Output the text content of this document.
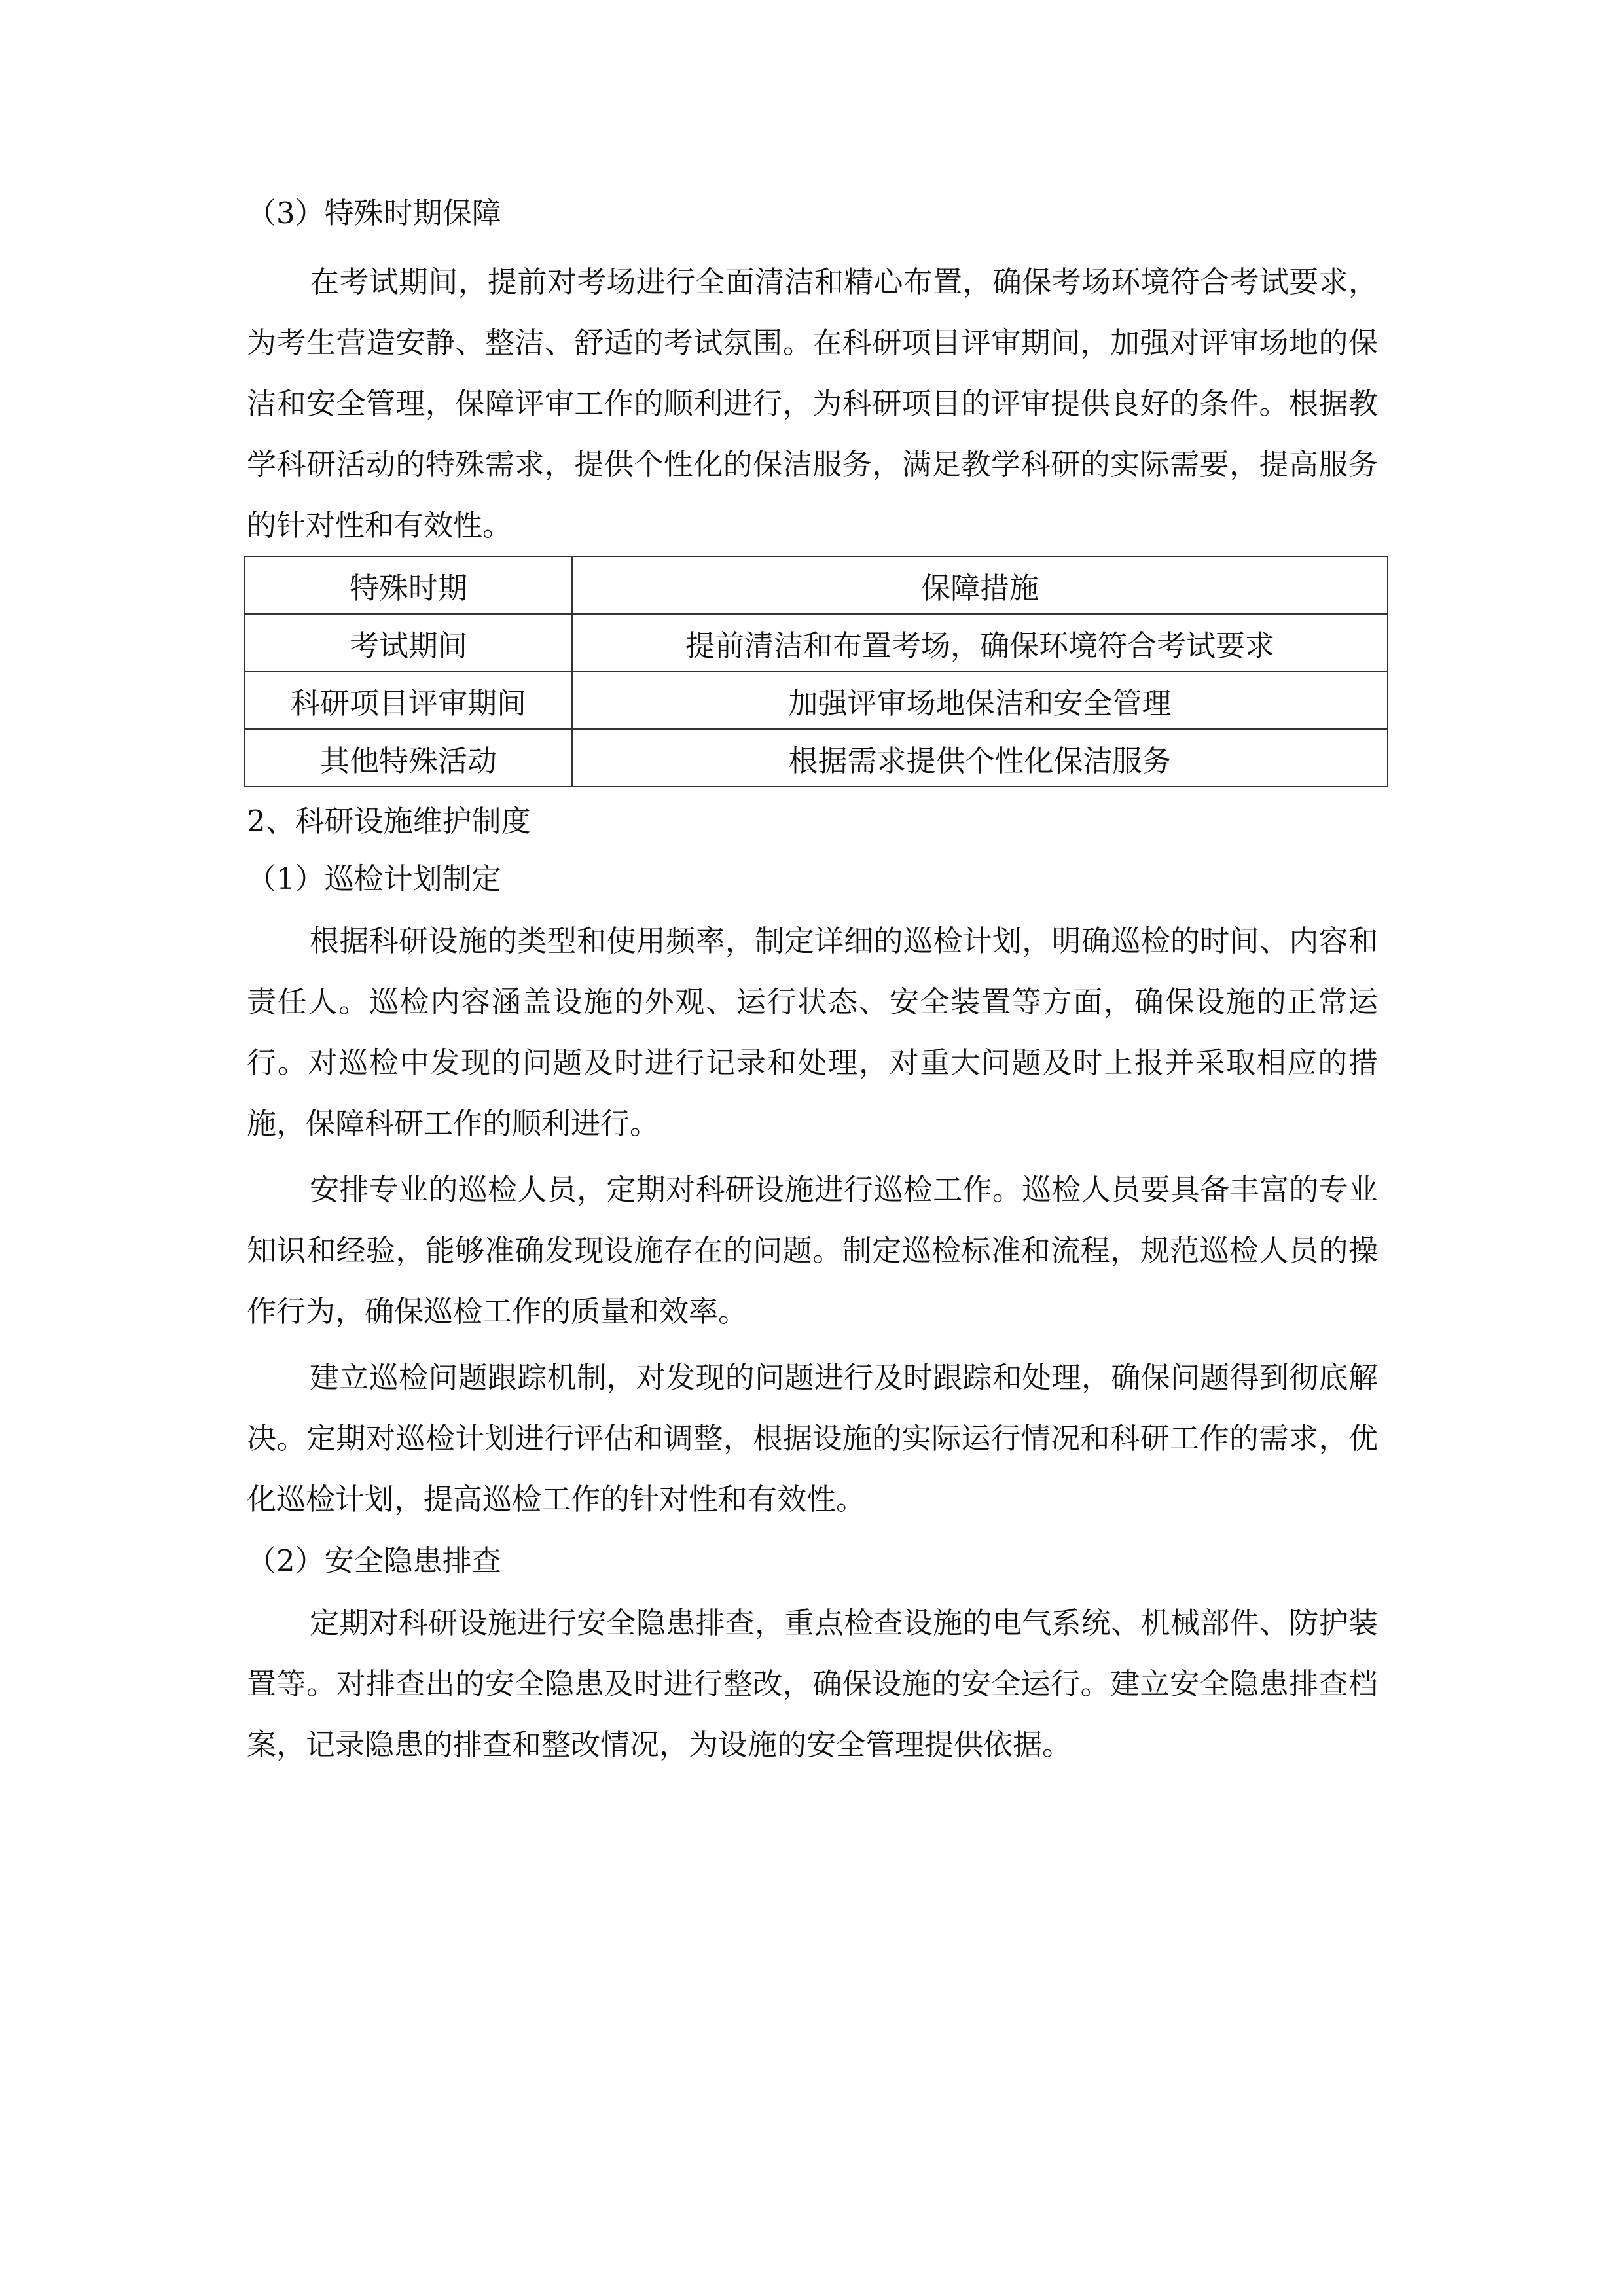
（3）特殊时期保障

在考试期间，提前对考场进行全面清洁和精心布置，确保考场环境符合考试要求，为考生营造安静、整洁、舒适的考试氛围。在科研项目评审期间，加强对评审场地的保洁和安全管理，保障评审工作的顺利进行，为科研项目的评审提供良好的条件。根据教学科研活动的特殊需求，提供个性化的保洁服务，满足教学科研的实际需要，提高服务的针对性和有效性。

特殊时期	保障措施
考试期间	提前清洁和布置考场，确保环境符合考试要求
科研项目评审期间	加强评审场地保洁和安全管理
其他特殊活动	根据需求提供个性化保洁服务
2、科研设施维护制度
（1）巡检计划制定

根据科研设施的类型和使用频率，制定详细的巡检计划，明确巡检的时间、内容和责任人。巡检内容涵盖设施的外观、运行状态、安全装置等方面，确保设施的正常运行。对巡检中发现的问题及时进行记录和处理，对重大问题及时上报并采取相应的措施，保障科研工作的顺利进行。

安排专业的巡检人员，定期对科研设施进行巡检工作。巡检人员要具备丰富的专业知识和经验，能够准确发现设施存在的问题。制定巡检标准和流程，规范巡检人员的操作行为，确保巡检工作的质量和效率。

建立巡检问题跟踪机制，对发现的问题进行及时跟踪和处理，确保问题得到彻底解决。定期对巡检计划进行评估和调整，根据设施的实际运行情况和科研工作的需求，优化巡检计划，提高巡检工作的针对性和有效性。

（2）安全隐患排查

定期对科研设施进行安全隐患排查，重点检查设施的电气系统、机械部件、防护装置等。对排查出的安全隐患及时进行整改，确保设施的安全运行。建立安全隐患排查档案，记录隐患的排查和整改情况，为设施的安全管理提供依据。
